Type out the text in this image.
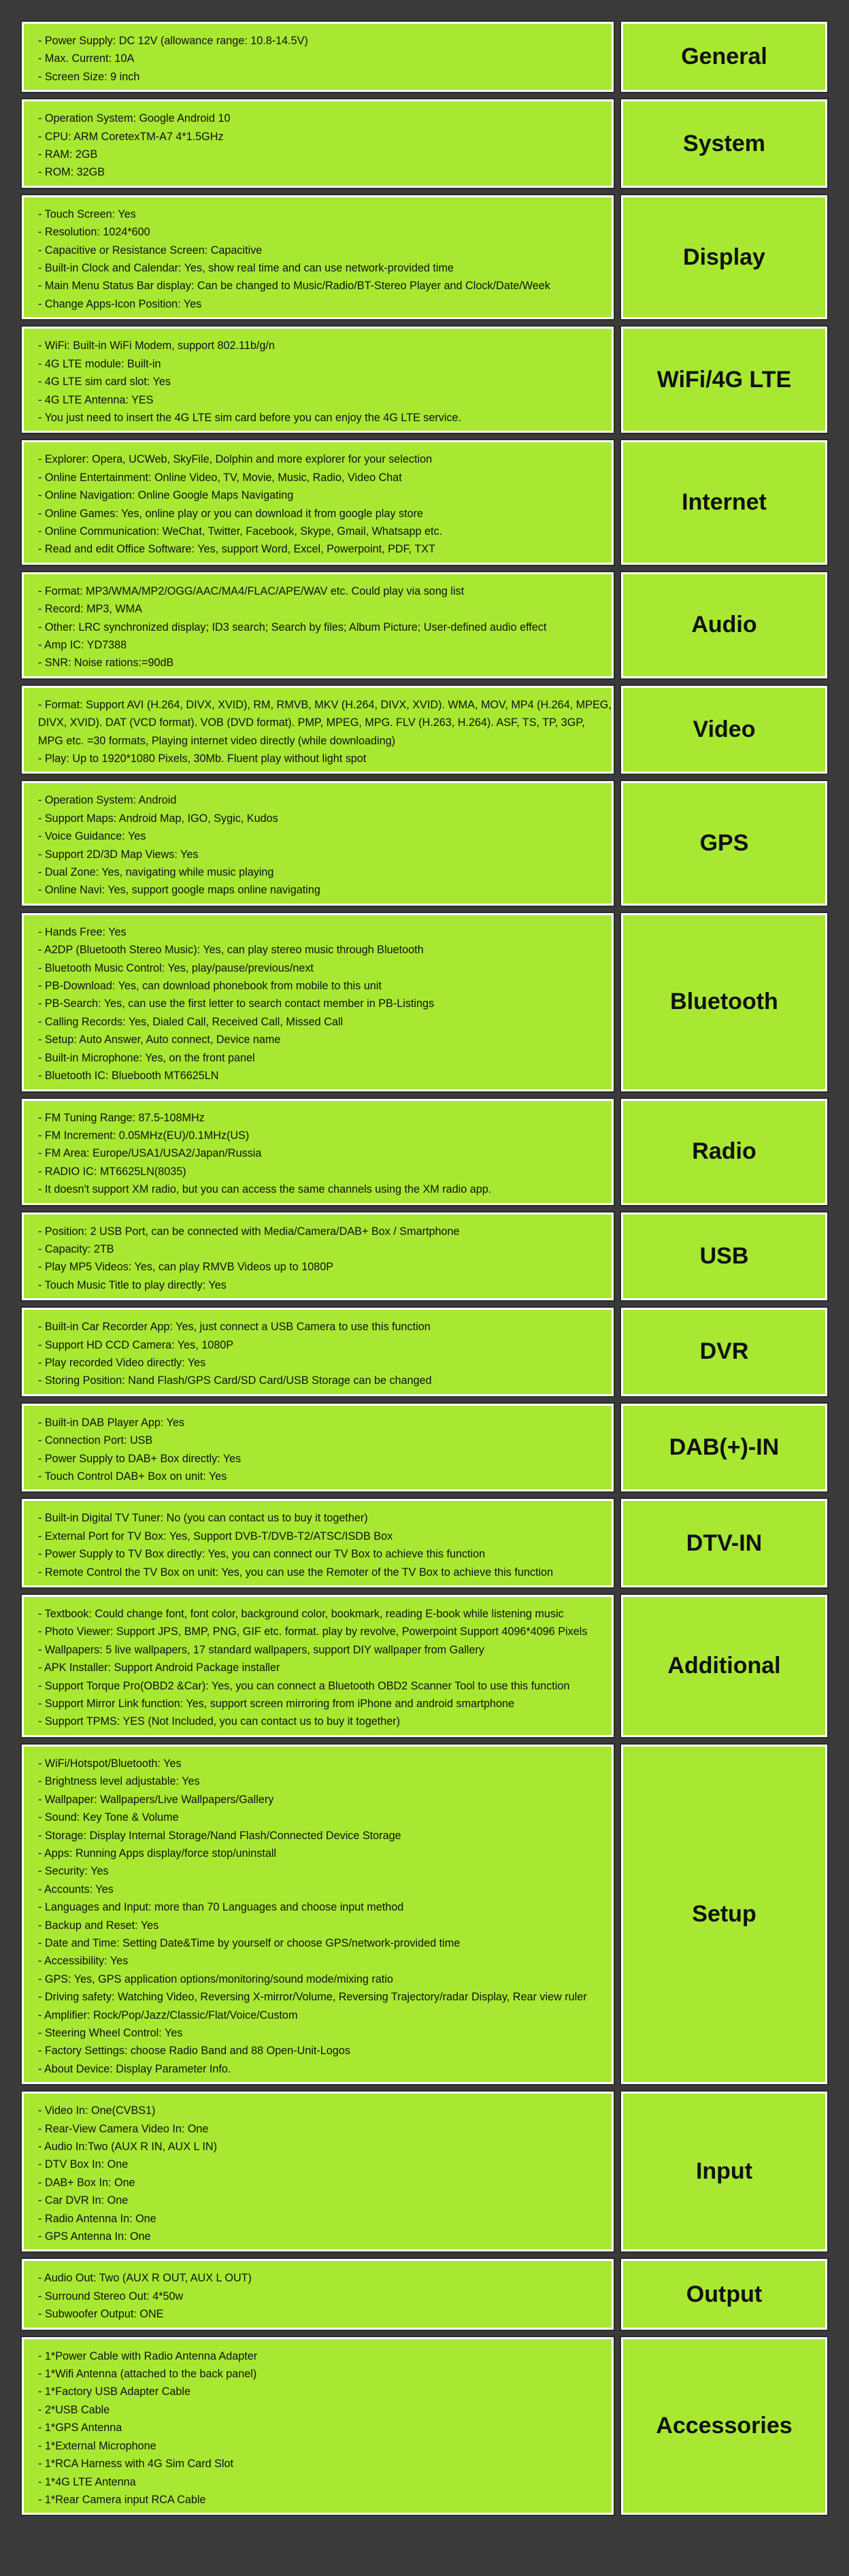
- Power Supply: DC 12V (allowance range: 10.8-14.5V)
- Max. Current: 10A
- Screen Size: 9 inch
General
- Operation System: Google Android 10
- CPU: ARM CoretexTM-A7 4*1.5GHz
- RAM: 2GB
- ROM: 32GB
System
- Touch Screen: Yes
- Resolution: 1024*600
- Capacitive or Resistance Screen: Capacitive
- Built-in Clock and Calendar: Yes, show real time and can use network-provided time
- Main Menu Status Bar display: Can be changed to Music/Radio/BT-Stereo Player and Clock/Date/Week
- Change Apps-Icon Position: Yes
Display
- WiFi: Built-in WiFi Modem, support 802.11b/g/n
- 4G LTE module: Built-in
- 4G LTE sim card slot: Yes
- 4G LTE Antenna: YES
- You just need to insert the 4G LTE sim card before you can enjoy the 4G LTE service.
WiFi/4G LTE
- Explorer: Opera, UCWeb, SkyFile, Dolphin and more explorer for your selection
- Online Entertainment: Online Video, TV, Movie, Music, Radio, Video Chat
- Online Navigation: Online Google Maps Navigating
- Online Games: Yes, online play or you can download it from google play store
- Online Communication: WeChat, Twitter, Facebook, Skype, Gmail, Whatsapp etc.
- Read and edit Office Software: Yes, support Word, Excel, Powerpoint, PDF, TXT
Internet
- Format: MP3/WMA/MP2/OGG/AAC/MA4/FLAC/APE/WAV etc. Could play via song list
- Record: MP3, WMA
- Other: LRC synchronized display; ID3 search; Search by files; Album Picture; User-defined audio effect
- Amp IC: YD7388
- SNR: Noise rations:=90dB
Audio
- Format: Support AVI (H.264, DIVX, XVID), RM, RMVB, MKV (H.264, DIVX, XVID). WMA, MOV, MP4 (H.264, MPEG, DIVX, XVID). DAT (VCD format). VOB (DVD format). PMP, MPEG, MPG. FLV (H.263, H.264). ASF, TS, TP, 3GP, MPG etc. =30 formats, Playing internet video directly (while downloading)
- Play: Up to 1920*1080 Pixels, 30Mb. Fluent play without light spot
Video
- Operation System: Android
- Support Maps: Android Map, IGO, Sygic, Kudos
- Voice Guidance: Yes
- Support 2D/3D Map Views: Yes
- Dual Zone: Yes, navigating while music playing
- Online Navi: Yes, support google maps online navigating
GPS
- Hands Free: Yes
- A2DP (Bluetooth Stereo Music): Yes, can play stereo music through Bluetooth
- Bluetooth Music Control: Yes, play/pause/previous/next
- PB-Download: Yes, can download phonebook from mobile to this unit
- PB-Search: Yes, can use the first letter to search contact member in PB-Listings
- Calling Records: Yes, Dialed Call, Received Call, Missed Call
- Setup: Auto Answer, Auto connect, Device name
- Built-in Microphone: Yes, on the front panel
- Bluetooth IC: Bluebooth MT6625LN
Bluetooth
- FM Tuning Range: 87.5-108MHz
- FM Increment: 0.05MHz(EU)/0.1MHz(US)
- FM Area: Europe/USA1/USA2/Japan/Russia
- RADIO IC: MT6625LN(8035)
- It doesn't support XM radio, but you can access the same channels using the XM radio app.
Radio
- Position: 2 USB Port, can be connected with Media/Camera/DAB+ Box / Smartphone
- Capacity: 2TB
- Play MP5 Videos: Yes, can play RMVB Videos up to 1080P
- Touch Music Title to play directly: Yes
USB
- Built-in Car Recorder App: Yes, just connect a USB Camera to use this function
- Support HD CCD Camera: Yes, 1080P
- Play recorded Video directly: Yes
- Storing Position: Nand Flash/GPS Card/SD Card/USB Storage can be changed
DVR
- Built-in DAB Player App: Yes
- Connection Port: USB
- Power Supply to DAB+ Box directly: Yes
- Touch Control DAB+ Box on unit: Yes
DAB(+)-IN
- Built-in Digital TV Tuner: No (you can contact us to buy it together)
- External Port for TV Box: Yes, Support DVB-T/DVB-T2/ATSC/ISDB Box
- Power Supply to TV Box directly: Yes, you can connect our TV Box to achieve this function
- Remote Control the TV Box on unit: Yes, you can use the Remoter of the TV Box to achieve this function
DTV-IN
- Textbook: Could change font, font color, background color, bookmark, reading E-book while listening music
- Photo Viewer: Support JPS, BMP, PNG, GIF etc. format. play by revolve, Powerpoint Support 4096*4096 Pixels
- Wallpapers: 5 live wallpapers, 17 standard wallpapers, support DIY wallpaper from Gallery
- APK Installer: Support Android Package installer
- Support Torque Pro(OBD2 &Car): Yes, you can connect a Bluetooth OBD2 Scanner Tool to use this function
- Support Mirror Link function: Yes, support screen mirroring from iPhone and android smartphone
- Support TPMS: YES (Not Included, you can contact us to buy it together)
Additional
- WiFi/Hotspot/Bluetooth: Yes
- Brightness level adjustable: Yes
- Wallpaper: Wallpapers/Live Wallpapers/Gallery
- Sound: Key Tone & Volume
- Storage: Display Internal Storage/Nand Flash/Connected Device Storage
- Apps: Running Apps display/force stop/uninstall
- Security: Yes
- Accounts: Yes
- Languages and Input: more than 70 Languages and choose input method
- Backup and Reset: Yes
- Date and Time: Setting Date&Time by yourself or choose GPS/network-provided time
- Accessibility: Yes
- GPS: Yes, GPS application options/monitoring/sound mode/mixing ratio
- Driving safety: Watching Video, Reversing X-mirror/Volume, Reversing Trajectory/radar Display, Rear view ruler
- Amplifier: Rock/Pop/Jazz/Classic/Flat/Voice/Custom
- Steering Wheel Control: Yes
- Factory Settings: choose Radio Band and 88 Open-Unit-Logos
- About Device: Display Parameter Info.
Setup
- Video In: One(CVBS1)
- Rear-View Camera Video In: One
- Audio In:Two (AUX R IN, AUX L IN)
- DTV Box In: One
- DAB+ Box In: One
- Car DVR In: One
- Radio Antenna In: One
- GPS Antenna In: One
Input
- Audio Out: Two (AUX R OUT, AUX L OUT)
- Surround Stereo Out: 4*50w
- Subwoofer Output: ONE
Output
- 1*Power Cable with Radio Antenna Adapter
- 1*Wifi Antenna (attached to the back panel)
- 1*Factory USB Adapter Cable
- 2*USB Cable
- 1*GPS Antenna
- 1*External Microphone
- 1*RCA Harness with 4G Sim Card Slot
- 1*4G LTE Antenna
- 1*Rear Camera input RCA Cable
Accessories
